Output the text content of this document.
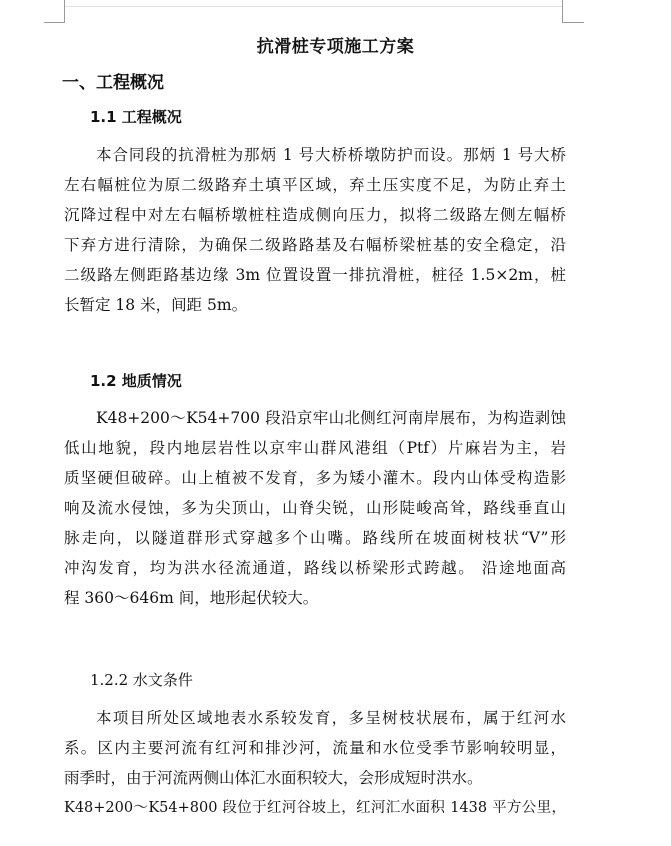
抗滑桩专项施工方案
一、工程概况
1.1 工程概况
本合同段的抗滑桩为那炳 1 号大桥桥墩防护而设。那炳 1 号大桥
左右幅桩位为原二级路弃土填平区域，弃土压实度不足，为防止弃土
沉降过程中对左右幅桥墩桩柱造成侧向压力，拟将二级路左侧左幅桥
下弃方进行清除，为确保二级路路基及右幅桥梁桩基的安全稳定，沿
二级路左侧距路基边缘 3m 位置设置一排抗滑桩，桩径 1.5×2m，桩
长暂定 18 米，间距 5m。
1.2 地质情况
K48+200～K54+700 段沿京牢山北侧红河南岸展布，为构造剥蚀
低山地貌，段内地层岩性以京牢山群风港组（Ptf）片麻岩为主，岩
质坚硬但破碎。山上植被不发育，多为矮小灌木。段内山体受构造影
响及流水侵蚀，多为尖顶山，山脊尖锐，山形陡峻高耸，路线垂直山
脉走向，以隧道群形式穿越多个山嘴。路线所在坡面树枝状“V”形
冲沟发育，均为洪水径流通道，路线以桥梁形式跨越。 沿途地面高
程 360～646m 间，地形起伏较大。
1.2.2 水文条件
本项目所处区域地表水系较发育，多呈树枝状展布，属于红河水
系。区内主要河流有红河和排沙河，流量和水位受季节影响较明显，
雨季时，由于河流两侧山体汇水面积较大，会形成短时洪水。
K48+200～K54+800 段位于红河谷坡上，红河汇水面积 1438 平方公里，
